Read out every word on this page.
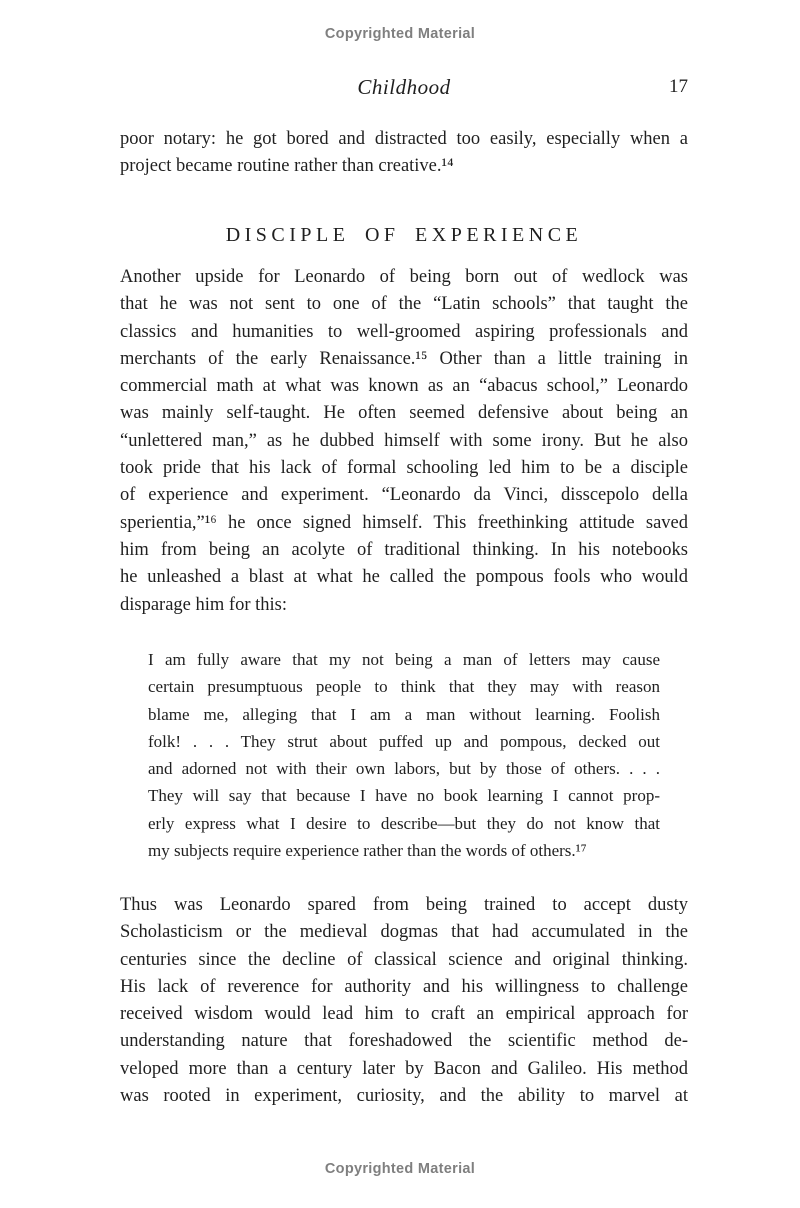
Copyrighted Material
Childhood	17
DISCIPLE OF EXPERIENCE
poor notary: he got bored and distracted too easily, especially when a
project became routine rather than creative.¹⁴
Another upside for Leonardo of being born out of wedlock was
that he was not sent to one of the “Latin schools” that taught the
classics and humanities to well-groomed aspiring professionals and
merchants of the early Renaissance.¹⁵ Other than a little training in
commercial math at what was known as an “abacus school,” Leonardo
was mainly self-taught. He often seemed defensive about being an
“unlettered man,” as he dubbed himself with some irony. But he also
took pride that his lack of formal schooling led him to be a disciple
of experience and experiment. “Leonardo da Vinci, disscepolo della
sperientia,”¹⁶ he once signed himself. This freethinking attitude saved
him from being an acolyte of traditional thinking. In his notebooks
he unleashed a blast at what he called the pompous fools who would
disparage him for this:
I am fully aware that my not being a man of letters may cause
certain presumptuous people to think that they may with reason
blame me, alleging that I am a man without learning. Foolish
folk! . . . They strut about puffed up and pompous, decked out
and adorned not with their own labors, but by those of others. . . .
They will say that because I have no book learning I cannot prop-
erly express what I desire to describe—but they do not know that
my subjects require experience rather than the words of others.¹⁷
Thus was Leonardo spared from being trained to accept dusty
Scholasticism or the medieval dogmas that had accumulated in the
centuries since the decline of classical science and original thinking.
His lack of reverence for authority and his willingness to challenge
received wisdom would lead him to craft an empirical approach for
understanding nature that foreshadowed the scientific method de-
veloped more than a century later by Bacon and Galileo. His method
was rooted in experiment, curiosity, and the ability to marvel at
Copyrighted Material
